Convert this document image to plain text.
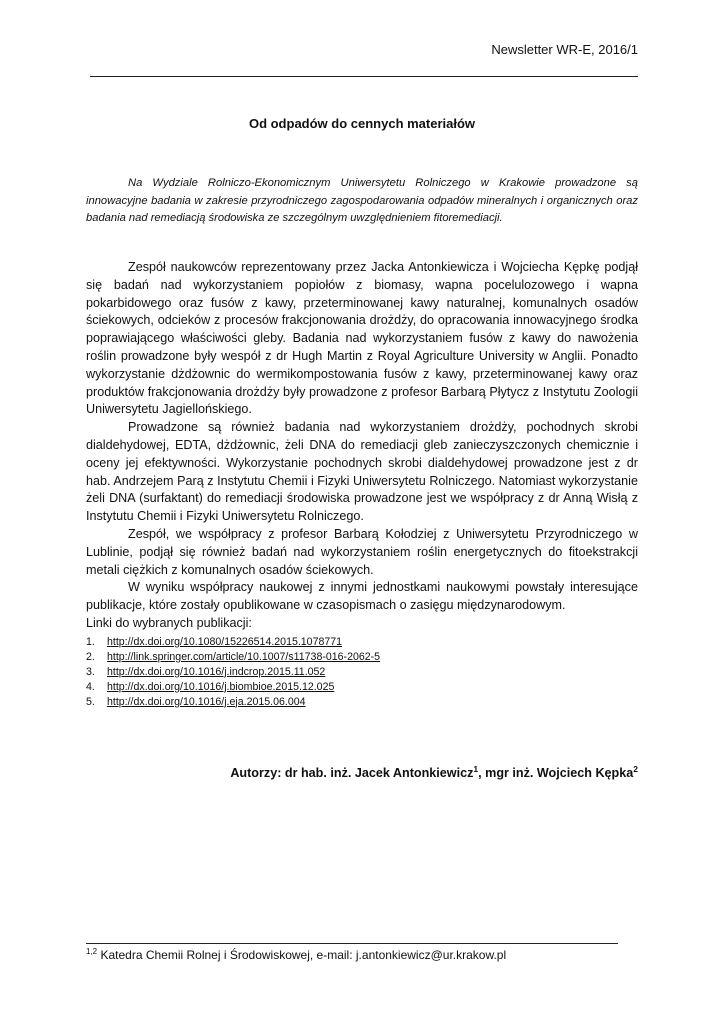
Newsletter WR-E, 2016/1
Od odpadów do cennych materiałów
Na Wydziale Rolniczo-Ekonomicznym Uniwersytetu Rolniczego w Krakowie prowadzone są innowacyjne badania w zakresie przyrodniczego zagospodarowania odpadów mineralnych i organicznych oraz badania nad remediacją środowiska ze szczególnym uwzględnieniem fitoremediacji.

Zespół naukowców reprezentowany przez Jacka Antonkiewicza i Wojciecha Kępkę podjął się badań nad wykorzystaniem popiołów z biomasy, wapna pocelulozowego i wapna pokarbidowego oraz fusów z kawy, przeterminowanej kawy naturalnej, komunalnych osadów ściekowych, odcieków z procesów frakcjonowania drożdży, do opracowania innowacyjnego środka poprawiającego właściwości gleby. Badania nad wykorzystaniem fusów z kawy do nawożenia roślin prowadzone były wespół z dr Hugh Martin z Royal Agriculture University w Anglii. Ponadto wykorzystanie dżdżownic do wermikompostowania fusów z kawy, przeterminowanej kawy oraz produktów frakcjonowania drożdży były prowadzone z profesor Barbarą Płytycz z Instytutu Zoologii Uniwersytetu Jagiellońskiego.

Prowadzone są również badania nad wykorzystaniem drożdży, pochodnych skrobi dialdehydowej, EDTA, dżdżownic, żeli DNA do remediacji gleb zanieczyszczonych chemicznie i oceny jej efektywności. Wykorzystanie pochodnych skrobi dialdehydowej prowadzone jest z dr hab. Andrzejem Parą z Instytutu Chemii i Fizyki Uniwersytetu Rolniczego. Natomiast wykorzystanie żeli DNA (surfaktant) do remediacji środowiska prowadzone jest we współpracy z dr Anną Wisłą z Instytutu Chemii i Fizyki Uniwersytetu Rolniczego.

Zespół, we współpracy z profesor Barbarą Kołodziej z Uniwersytetu Przyrodniczego w Lublinie, podjął się również badań nad wykorzystaniem roślin energetycznych do fitoekstrakcji metali ciężkich z komunalnych osadów ściekowych.

W wyniku współpracy naukowej z innymi jednostkami naukowymi powstały interesujące publikacje, które zostały opublikowane w czasopismach o zasięgu międzynarodowym.

Linki do wybranych publikacji:
1.	http://dx.doi.org/10.1080/15226514.2015.1078771
2.	http://link.springer.com/article/10.1007/s11738-016-2062-5
3.	http://dx.doi.org/10.1016/j.indcrop.2015.11.052
4.	http://dx.doi.org/10.1016/j.biombioe.2015.12.025
5.	http://dx.doi.org/10.1016/j.eja.2015.06.004
Autorzy: dr hab. inż. Jacek Antonkiewicz$^1$, mgr inż. Wojciech Kępka$^2$
$^{1,2}$ Katedra Chemii Rolnej i Środowiskowej, e-mail: j.antonkiewicz@ur.krakow.pl
